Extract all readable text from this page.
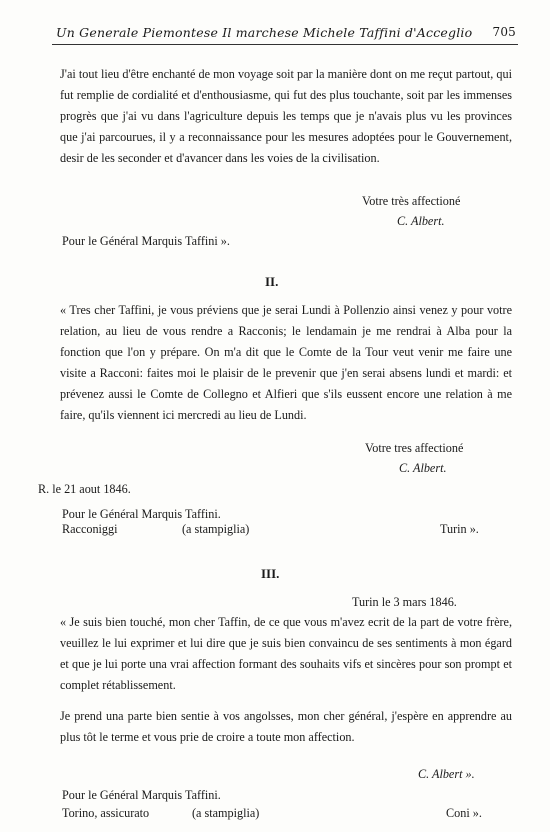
Un Generale Piemontese Il marchese Michele Taffini d'Acceglio 705
J'ai tout lieu d'être enchanté de mon voyage soit par la manière dont on me reçut partout, qui fut remplie de cordialité et d'enthousiasme, qui fut des plus touchante, soit par les immenses progrès que j'ai vu dans l'agriculture depuis les temps que je n'avais plus vu les provinces que j'ai parcourues, il y a reconnaissance pour les mesures adoptées pour le Gouvernement, desir de les seconder et d'avancer dans les voies de la civilisation.
Votre très affectioné
C. Albert.
Pour le Général Marquis Taffini ».
II.
« Tres cher Taffini, je vous préviens que je serai Lundi à Pollenzio ainsi venez y pour votre relation, au lieu de vous rendre a Racconis; le lendamain je me rendrai à Alba pour la fonction que l'on y prépare. On m'a dit que le Comte de la Tour veut venir me faire une visite a Racconi: faites moi le plaisir de le prevenir que j'en serai absens lundi et mardi: et prévenez aussi le Comte de Collegno et Alfieri que s'ils eussent encore une relation à me faire, qu'ils viennent ici mercredi au lieu de Lundi.
Votre tres affectioné
C. Albert.
R. le 21 aout 1846.
Pour le Général Marquis Taffini.
Racconiggi	(a stampiglia)	Turin ».
III.
Turin le 3 mars 1846.
« Je suis bien touché, mon cher Taffin, de ce que vous m'avez ecrit de la part de votre frère, veuillez le lui exprimer et lui dire que je suis bien convaincu de ses sentiments à mon égard et que je lui porte una vrai affection formant des souhaits vifs et sincères pour son prompt et complet rétablissement.
Je prend una parte bien sentie à vos angolsses, mon cher général, j'espère en apprendre au plus tôt le terme et vous prie de croire a toute mon affection.
C. Albert ».
Pour le Général Marquis Taffini.
Torino, assicurato	(a stampiglia)	Coni ».
